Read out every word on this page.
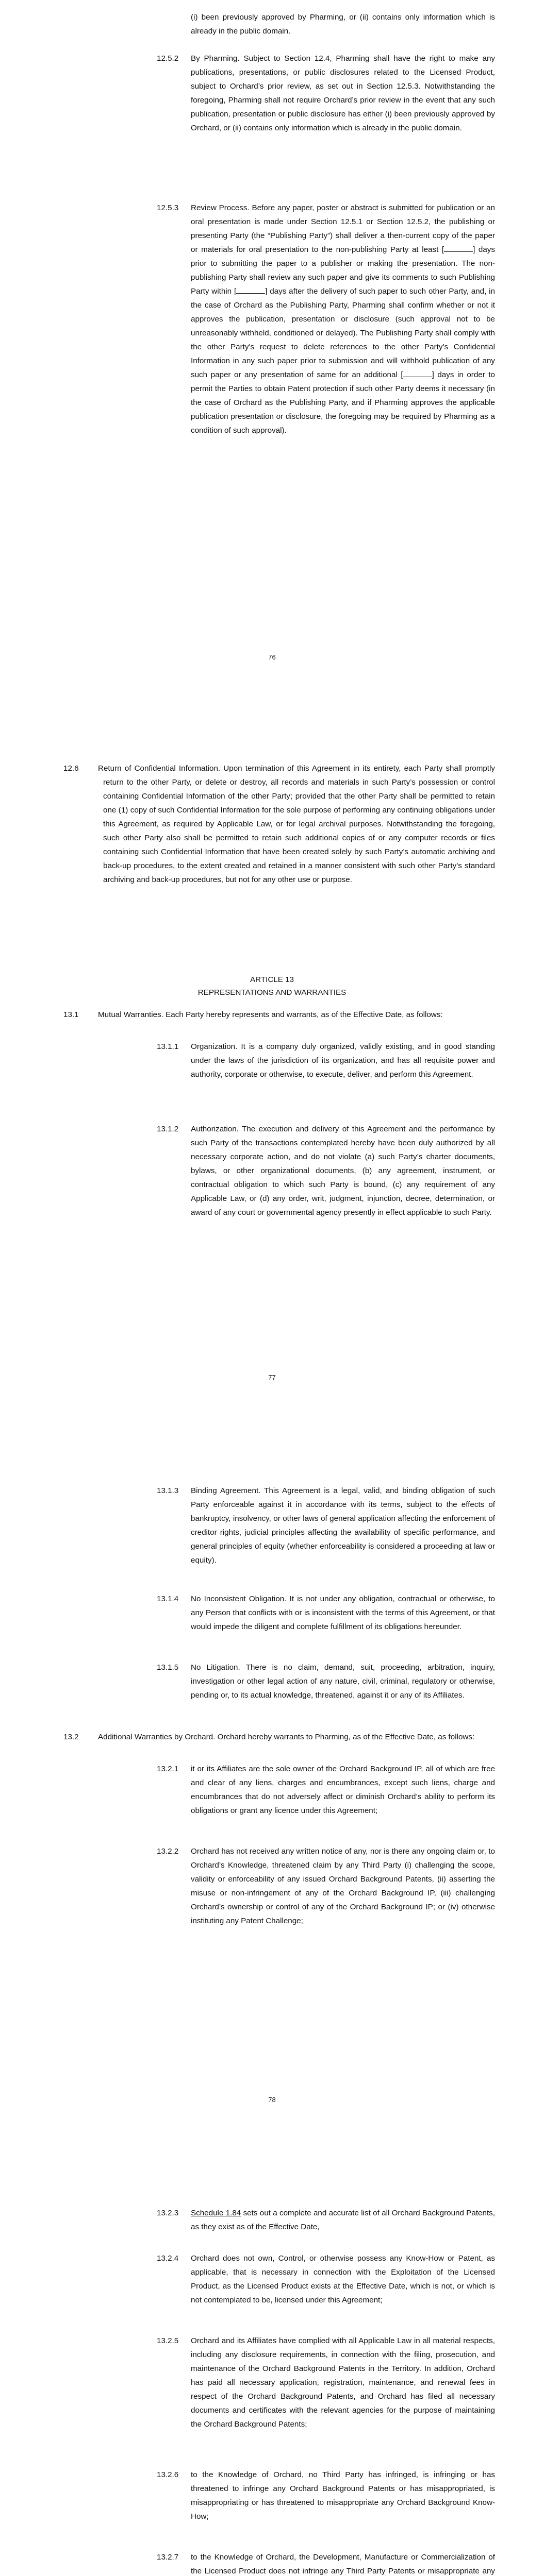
(i) been previously approved by Pharming, or (ii) contains only information which is already in the public domain.

12.5.2 By Pharming. Subject to Section 12.4, Pharming shall have the right to make any publications, presentations, or public disclosures related to the Licensed Product, subject to Orchard’s prior review, as set out in Section 12.5.3. Notwithstanding the foregoing, Pharming shall not require Orchard’s prior review in the event that any such publication, presentation or public disclosure has either (i) been previously approved by Orchard, or (ii) contains only information which is already in the public domain.

12.5.3 Review Process. Before any paper, poster or abstract is submitted for publication or an oral presentation is made under Section 12.5.1 or Section 12.5.2, the publishing or presenting Party (the “Publishing Party”) shall deliver a then-current copy of the paper or materials for oral presentation to the non-publishing Party at least [	] days prior to submitting the paper to a publisher or making the presentation. The non-publishing Party shall review any such paper and give its comments to such Publishing Party within [	] days after the delivery of such paper to such other Party, and, in the case of Orchard as the Publishing Party, Pharming shall confirm whether or not it approves the publication, presentation or disclosure (such approval not to be unreasonably withheld, conditioned or delayed). The Publishing Party shall comply with the other Party’s request to delete references to the other Party’s Confidential Information in any such paper prior to submission and will withhold publication of any such paper or any presentation of same for an additional [	] days in order to permit the Parties to obtain Patent protection if such other Party deems it necessary (in the case of Orchard as the Publishing Party, and if Pharming approves the applicable publication presentation or disclosure, the foregoing may be required by Pharming as a condition of such approval).

76
12.6 Return of Confidential Information. Upon termination of this Agreement in its entirety, each Party shall promptly return to the other Party, or delete or destroy, all records and materials in such Party’s possession or control containing Confidential Information of the other Party; provided that the other Party shall be permitted to retain one (1) copy of such Confidential Information for the sole purpose of performing any continuing obligations under this Agreement, as required by Applicable Law, or for legal archival purposes. Notwithstanding the foregoing, such other Party also shall be permitted to retain such additional copies of or any computer records or files containing such Confidential Information that have been created solely by such Party’s automatic archiving and back-up procedures, to the extent created and retained in a manner consistent with such other Party’s standard archiving and back-up procedures, but not for any other use or purpose.

ARTICLE 13
REPRESENTATIONS AND WARRANTIES
13.1 Mutual Warranties. Each Party hereby represents and warrants, as of the Effective Date, as follows:

13.1.1 Organization. It is a company duly organized, validly existing, and in good standing under the laws of the jurisdiction of its organization, and has all requisite power and authority, corporate or otherwise, to execute, deliver, and perform this Agreement.

13.1.2 Authorization. The execution and delivery of this Agreement and the performance by such Party of the transactions contemplated hereby have been duly authorized by all necessary corporate action, and do not violate (a) such Party’s charter documents, bylaws, or other organizational documents, (b) any agreement, instrument, or contractual obligation to which such Party is bound, (c) any requirement of any Applicable Law, or (d) any order, writ, judgment, injunction, decree, determination, or award of any court or governmental agency presently in effect applicable to such Party.

77
13.1.3 Binding Agreement. This Agreement is a legal, valid, and binding obligation of such Party enforceable against it in accordance with its terms, subject to the effects of bankruptcy, insolvency, or other laws of general application affecting the enforcement of creditor rights, judicial principles affecting the availability of specific performance, and general principles of equity (whether enforceability is considered a proceeding at law or equity).

13.1.4 No Inconsistent Obligation. It is not under any obligation, contractual or otherwise, to any Person that conflicts with or is inconsistent with the terms of this Agreement, or that would impede the diligent and complete fulfillment of its obligations hereunder.

13.1.5 No Litigation. There is no claim, demand, suit, proceeding, arbitration, inquiry, investigation or other legal action of any nature, civil, criminal, regulatory or otherwise, pending or, to its actual knowledge, threatened, against it or any of its Affiliates.

13.2 Additional Warranties by Orchard. Orchard hereby warrants to Pharming, as of the Effective Date, as follows:

13.2.1 it or its Affiliates are the sole owner of the Orchard Background IP, all of which are free and clear of any liens, charges and encumbrances, except such liens, charge and encumbrances that do not adversely affect or diminish Orchard’s ability to perform its obligations or grant any licence under this Agreement;

13.2.2 Orchard has not received any written notice of any, nor is there any ongoing claim or, to Orchard’s Knowledge, threatened claim by any Third Party (i) challenging the scope, validity or enforceability of any issued Orchard Background Patents, (ii) asserting the misuse or non-infringement of any of the Orchard Background IP, (iii) challenging Orchard’s ownership or control of any of the Orchard Background IP; or (iv) otherwise instituting any Patent Challenge;

78
13.2.3 Schedule 1.84 sets out a complete and accurate list of all Orchard Background Patents, as they exist as of the Effective Date,

13.2.4 Orchard does not own, Control, or otherwise possess any Know-How or Patent, as applicable, that is necessary in connection with the Exploitation of the Licensed Product, as the Licensed Product exists at the Effective Date, which is not, or which is not contemplated to be, licensed under this Agreement;

13.2.5 Orchard and its Affiliates have complied with all Applicable Law in all material respects, including any disclosure requirements, in connection with the filing, prosecution, and maintenance of the Orchard Background Patents in the Territory. In addition, Orchard has paid all necessary application, registration, maintenance, and renewal fees in respect of the Orchard Background Patents, and Orchard has filed all necessary documents and certificates with the relevant agencies for the purpose of maintaining the Orchard Background Patents;

13.2.6 to the Knowledge of Orchard, no Third Party has infringed, is infringing or has threatened to infringe any Orchard Background Patents or has misappropriated, is misappropriating or has threatened to misappropriate any Orchard Background Know-How;

13.2.7 to the Knowledge of Orchard, the Development, Manufacture or Commercialization of the Licensed Product does not infringe any Third Party Patents or misappropriate any
